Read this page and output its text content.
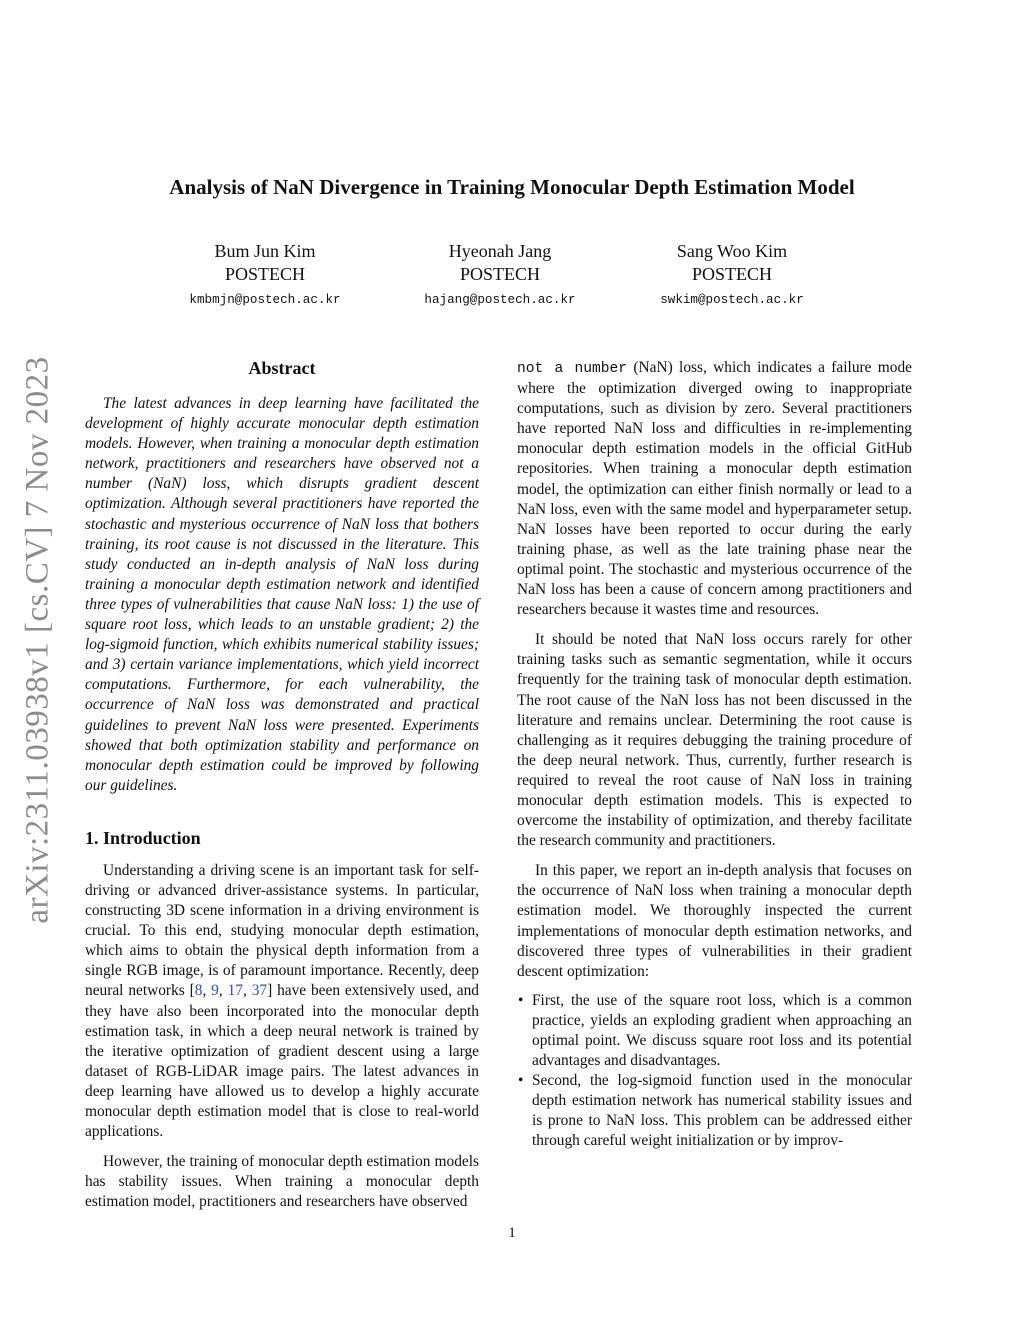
Analysis of NaN Divergence in Training Monocular Depth Estimation Model
Bum Jun Kim
POSTECH
kmbmjn@postech.ac.kr
Hyeonah Jang
POSTECH
hajang@postech.ac.kr
Sang Woo Kim
POSTECH
swkim@postech.ac.kr
arXiv:2311.03938v1 [cs.CV] 7 Nov 2023	Abstract

The latest advances in deep learning have facilitated the development of highly accurate monocular depth estimation models. However, when training a monocular depth estimation network, practitioners and researchers have observed not a number (NaN) loss, which disrupts gradient descent optimization. Although several practitioners have reported the stochastic and mysterious occurrence of NaN loss that bothers training, its root cause is not discussed in the literature. This study conducted an in-depth analysis of NaN loss during training a monocular depth estimation network and identified three types of vulnerabilities that cause NaN loss: 1) the use of square root loss, which leads to an unstable gradient; 2) the log-sigmoid function, which exhibits numerical stability issues; and 3) certain variance implementations, which yield incorrect computations. Furthermore, for each vulnerability, the occurrence of NaN loss was demonstrated and practical guidelines to prevent NaN loss were presented. Experiments showed that both optimization stability and performance on monocular depth estimation could be improved by following our guidelines.

1. Introduction

Understanding a driving scene is an important task for self-driving or advanced driver-assistance systems. In particular, constructing 3D scene information in a driving environment is crucial. To this end, studying monocular depth estimation, which aims to obtain the physical depth information from a single RGB image, is of paramount importance. Recently, deep neural networks [8, 9, 17, 37] have been extensively used, and they have also been incorporated into the monocular depth estimation task, in which a deep neural network is trained by the iterative optimization of gradient descent using a large dataset of RGB-LiDAR image pairs. The latest advances in deep learning have allowed us to develop a highly accurate monocular depth estimation model that is close to real-world applications.

However, the training of monocular depth estimation models has stability issues. When training a monocular depth estimation model, practitioners and researchers have observed

not a number (NaN) loss, which indicates a failure mode where the optimization diverged owing to inappropriate computations, such as division by zero. Several practitioners have reported NaN loss and difficulties in re-implementing monocular depth estimation models in the official GitHub repositories. When training a monocular depth estimation model, the optimization can either finish normally or lead to a NaN loss, even with the same model and hyperparameter setup. NaN losses have been reported to occur during the early training phase, as well as the late training phase near the optimal point. The stochastic and mysterious occurrence of the NaN loss has been a cause of concern among practitioners and researchers because it wastes time and resources.

It should be noted that NaN loss occurs rarely for other training tasks such as semantic segmentation, while it occurs frequently for the training task of monocular depth estimation. The root cause of the NaN loss has not been discussed in the literature and remains unclear. Determining the root cause is challenging as it requires debugging the training procedure of the deep neural network. Thus, currently, further research is required to reveal the root cause of NaN loss in training monocular depth estimation models. This is expected to overcome the instability of optimization, and thereby facilitate the research community and practitioners.

In this paper, we report an in-depth analysis that focuses on the occurrence of NaN loss when training a monocular depth estimation model. We thoroughly inspected the current implementations of monocular depth estimation networks, and discovered three types of vulnerabilities in their gradient descent optimization:

• First, the use of the square root loss, which is a common practice, yields an exploding gradient when approaching an optimal point. We discuss square root loss and its potential advantages and disadvantages.
• Second, the log-sigmoid function used in the monocular depth estimation network has numerical stability issues and is prone to NaN loss. This problem can be addressed either through careful weight initialization or by improv-
1
